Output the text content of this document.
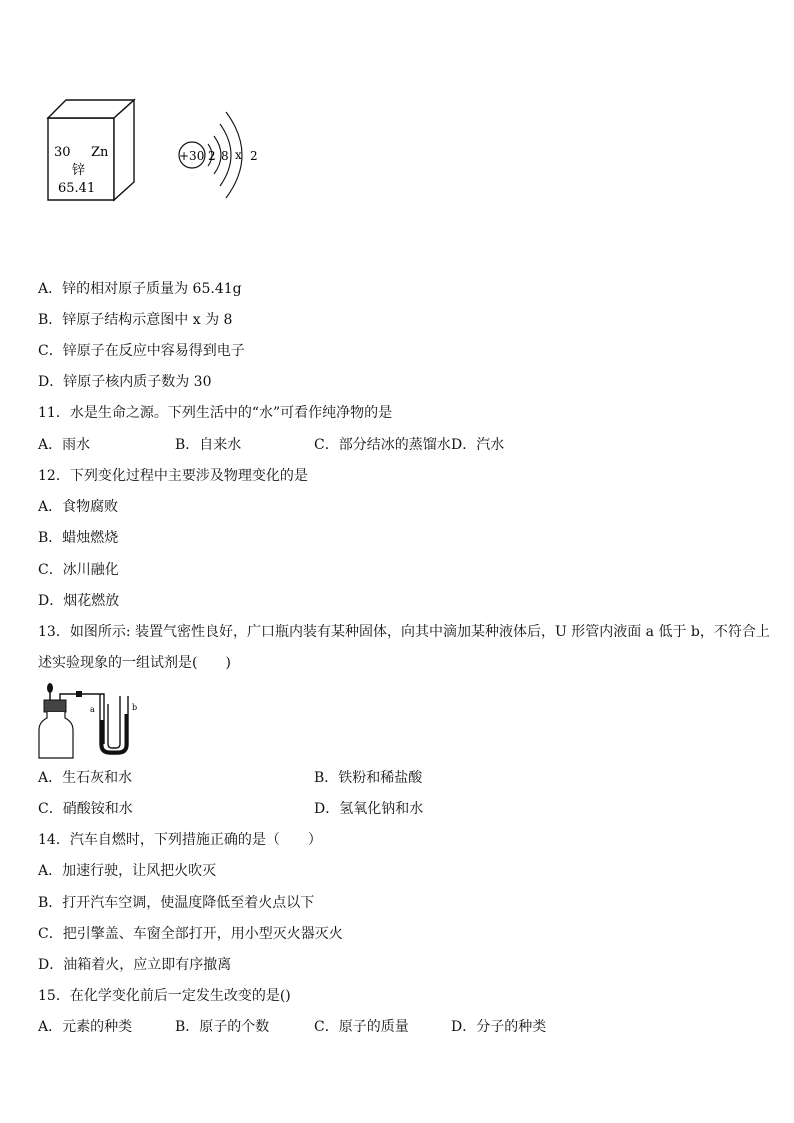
30 Zn
锌
65.41
+30 2 8 x 2
A．锌的相对原子质量为 65.41g
B．锌原子结构示意图中 x 为 8
C．锌原子在反应中容易得到电子
D．锌原子核内质子数为 30
11．水是生命之源。下列生活中的“水”可看作纯净物的是
A．雨水	B．自来水	C．部分结冰的蒸馏水 D．汽水
12．下列变化过程中主要涉及物理变化的是
A．食物腐败
B．蜡烛燃烧
C．冰川融化
D．烟花燃放
13．如图所示: 装置气密性良好，广口瓶内装有某种固体，向其中滴加某种液体后，U 形管内液面 a 低于 b，不符合上
述实验现象的一组试剂是(　　)
a	b
A．生石灰和水	B．铁粉和稀盐酸
C．硝酸铵和水	D．氢氧化钠和水
14．汽车自燃时，下列措施正确的是（　　）
A．加速行驶，让风把火吹灭
B．打开汽车空调，使温度降低至着火点以下
C．把引擎盖、车窗全部打开，用小型灭火器灭火
D．油箱着火，应立即有序撤离
15．在化学变化前后一定发生改变的是()
A．元素的种类	B．原子的个数	C．原子的质量	D．分子的种类
